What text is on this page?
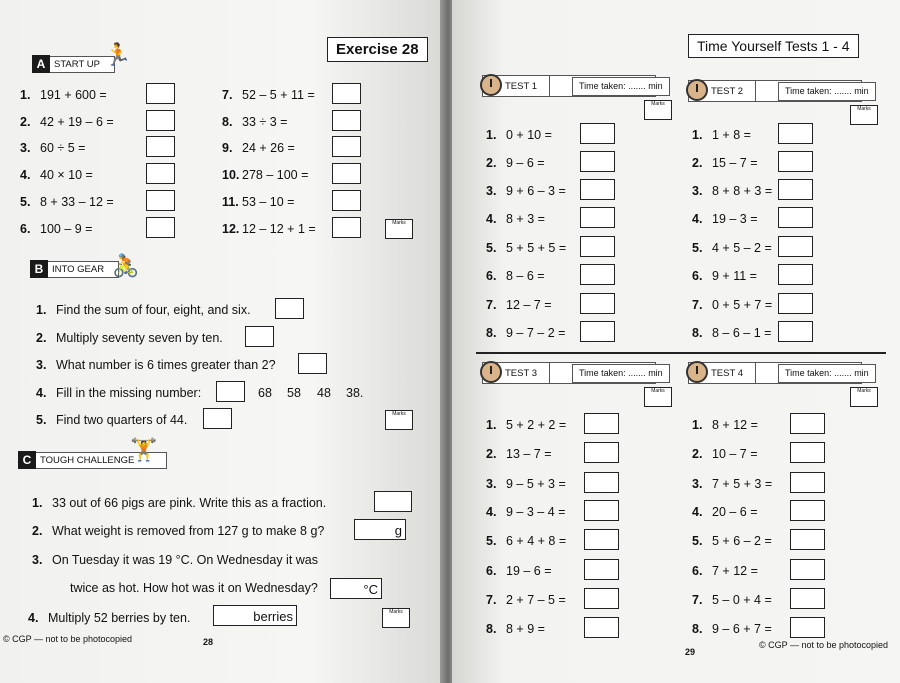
Exercise 28
A START UP 🏃
1. 191 + 600 =	7. 52 – 5 + 11 =
2. 42 + 19 – 6 =	8. 33 ÷ 3 =
3. 60 ÷ 5 =	9. 24 + 26 =
4. 40 × 10 =	10. 278 – 100 =
5. 8 + 33 – 12 =	11. 53 – 10 =
6. 100 – 9 =	12. 12 – 12 + 1 =	Marks
B INTO GEAR 🚴
1. Find the sum of four, eight, and six.
2. Multiply seventy seven by ten.
3. What number is 6 times greater than 2?
4. Fill in the missing number:
5. Find two quarters of 44.
68 58 48 38.
Marks
C TOUGH CHALLENGE
🏋
1. 33 out of 66 pigs are pink. Write this as a fraction.
2. What weight is removed from 127 g to make 8 g?
3. On Tuesday it was 19 °C. On Wednesday it was
twice as hot. How hot was it on Wednesday?
4. Multiply 52 berries by ten.
g
°C
berries	Marks
© CGP — not to be photocopied	28
Time Yourself Tests 1 - 4
TEST 1	Time taken: ....... min
Marks
1. 0 + 10 =
2. 9 – 6 =
3. 9 + 6 – 3 =
4. 8 + 3 =
5. 5 + 5 + 5 =
6. 8 – 6 =
7. 12 – 7 =
8. 9 – 7 – 2 =
TEST 2	Time taken: ....... min
Marks
1. 1 + 8 =
2. 15 – 7 =
3. 8 + 8 + 3 =
4. 19 – 3 =
5. 4 + 5 – 2 =
6. 9 + 11 =
7. 0 + 5 + 7 =
8. 8 – 6 – 1 =
TEST 3	Time taken: ....... min
Marks
1. 5 + 2 + 2 =
2. 13 – 7 =
3. 9 – 5 + 3 =
4. 9 – 3 – 4 =
5. 6 + 4 + 8 =
6. 19 – 6 =
7. 2 + 7 – 5 =
8. 8 + 9 =
TEST 4	Time taken: ....... min
Marks
1. 8 + 12 =
2. 10 – 7 =
3. 7 + 5 + 3 =
4. 20 – 6 =
5. 5 + 6 – 2 =
6. 7 + 12 =
7. 5 – 0 + 4 =
8. 9 – 6 + 7 =
29
© CGP — not to be photocopied
